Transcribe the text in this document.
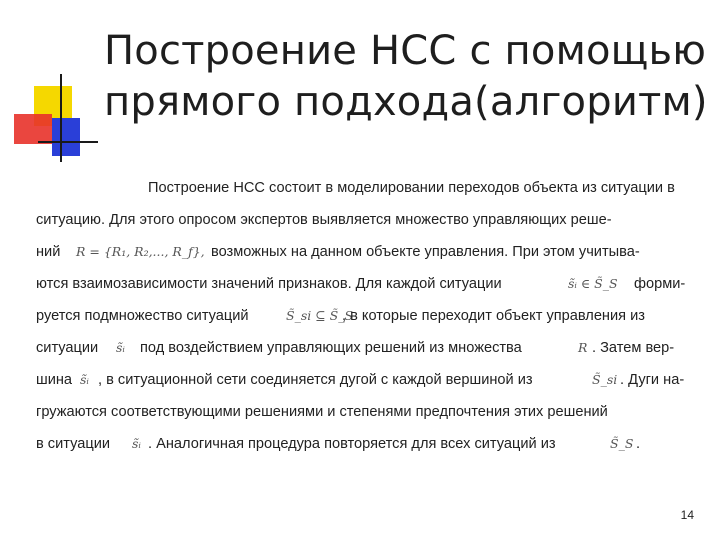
Построение НСС с помощью
прямого подхода(алгоритм)
Построение НСС состоит в моделировании переходов объекта из ситуации в
ситуацию. Для этого опросом экспертов выявляется множество управляющих реше-
ний R = {R₁, R₂,..., R_f}, возможных на данном объекте управления. При этом учитыва-
ются взаимозависимости значений признаков. Для каждой ситуации	s̃ᵢ ∈ S̃_S форми-
руется подмножество ситуаций	S̃_si ⊆ S̃_S
, в которые переходит объект управления из
ситуации s̃ᵢ под воздействием управляющих решений из множества	R . Затем вер-
шина s̃ᵢ , в ситуационной сети соединяется дугой с каждой вершиной из	S̃_si . Дуги на-
гружаются соответствующими решениями и степенями предпочтения этих решений
в ситуации s̃ᵢ . Аналогичная процедура повторяется для всех ситуаций из	S̃_S .
14
